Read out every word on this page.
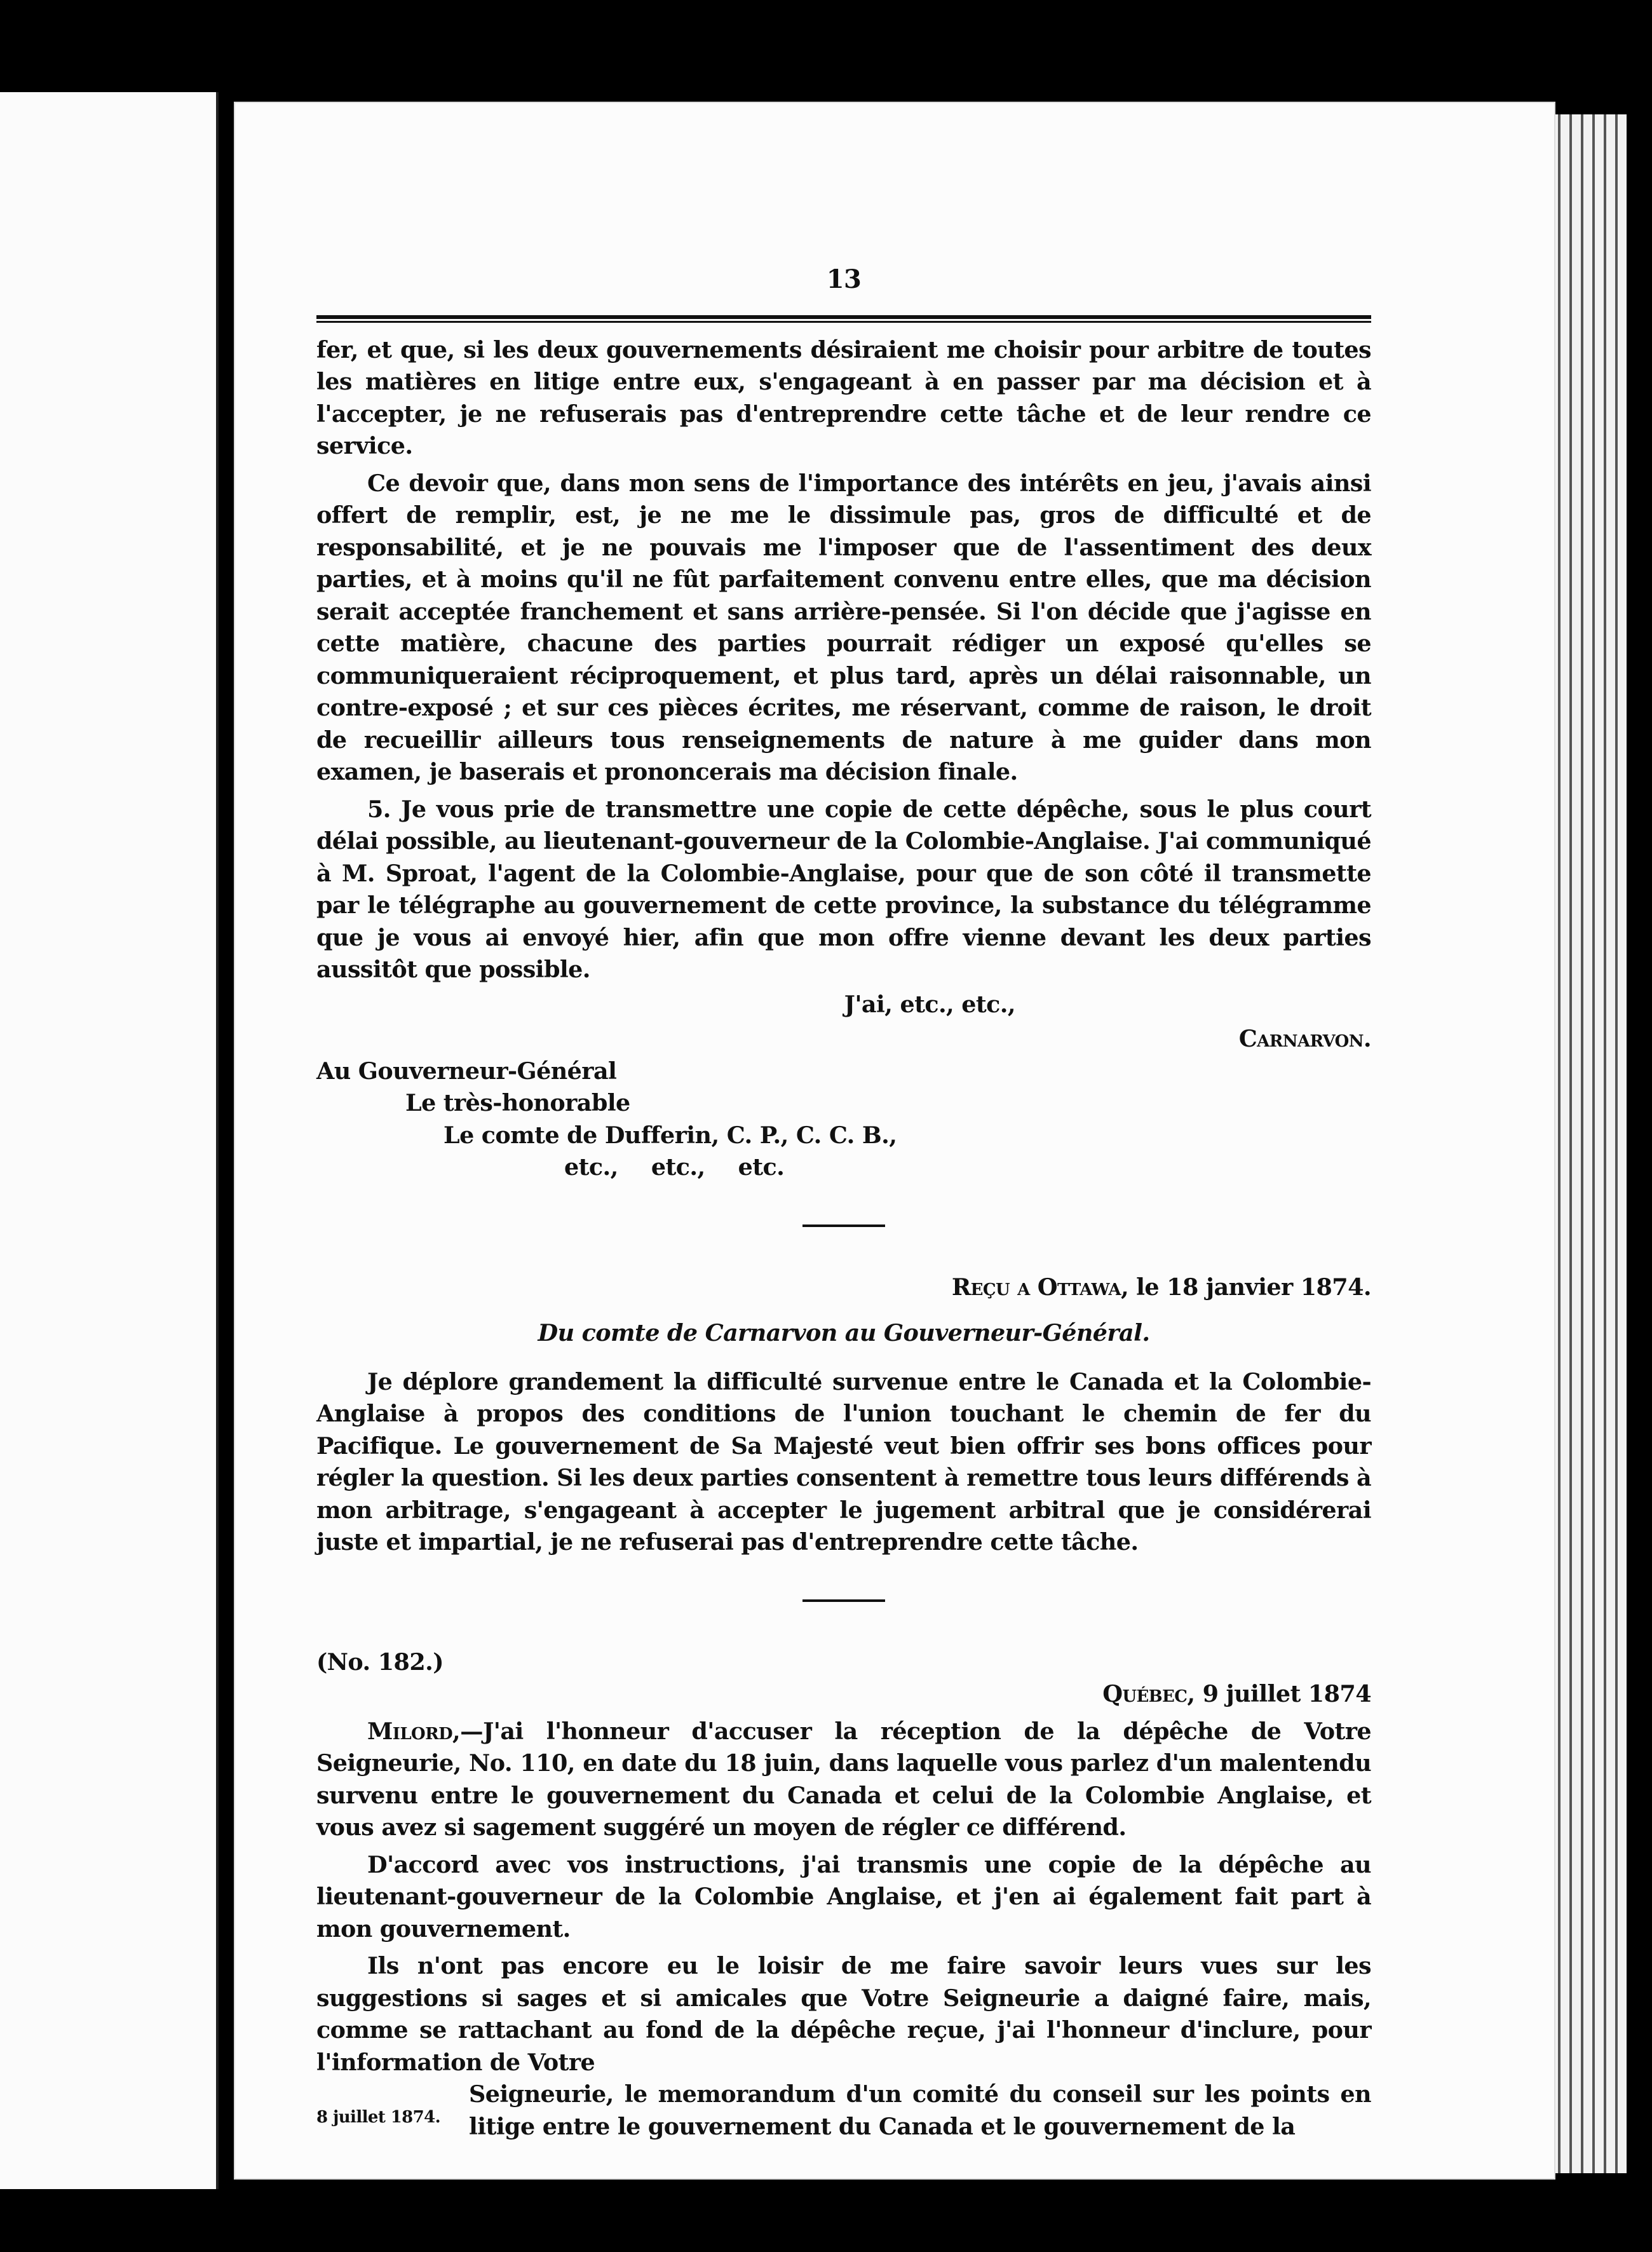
13

fer, et que, si les deux gouvernements désiraient me choisir pour arbitre de toutes les matières en litige entre eux, s'engageant à en passer par ma décision et à l'accepter, je ne refuserais pas d'entreprendre cette tâche et de leur rendre ce service.

Ce devoir que, dans mon sens de l'importance des intérêts en jeu, j'avais ainsi offert de remplir, est, je ne me le dissimule pas, gros de difficulté et de responsabilité, et je ne pouvais me l'imposer que de l'assentiment des deux parties, et à moins qu'il ne fût parfaitement convenu entre elles, que ma décision serait acceptée franchement et sans arrière-pensée. Si l'on décide que j'agisse en cette matière, chacune des parties pourrait rédiger un exposé qu'elles se communiqueraient réciproquement, et plus tard, après un délai raisonnable, un contre-exposé ; et sur ces pièces écrites, me réservant, comme de raison, le droit de recueillir ailleurs tous renseignements de nature à me guider dans mon examen, je baserais et prononcerais ma décision finale.

5. Je vous prie de transmettre une copie de cette dépêche, sous le plus court délai possible, au lieutenant-gouverneur de la Colombie-Anglaise. J'ai communiqué à M. Sproat, l'agent de la Colombie-Anglaise, pour que de son côté il transmette par le télégraphe au gouvernement de cette province, la substance du télégramme que je vous ai envoyé hier, afin que mon offre vienne devant les deux parties aussitôt que possible.

J'ai, etc., etc.,
Carnarvon.
Au Gouverneur-Général
Le très-honorable
Le comte de Dufferin, C. P., C. C. B.,
etc., etc., etc.
Reçu a Ottawa, le 18 janvier 1874.
Du comte de Carnarvon au Gouverneur-Général.

Je déplore grandement la difficulté survenue entre le Canada et la Colombie-Anglaise à propos des conditions de l'union touchant le chemin de fer du Pacifique. Le gouvernement de Sa Majesté veut bien offrir ses bons offices pour régler la question. Si les deux parties consentent à remettre tous leurs différends à mon arbitrage, s'engageant à accepter le jugement arbitral que je considérerai juste et impartial, je ne refuserai pas d'entreprendre cette tâche.

(No. 182.)
Québec, 9 juillet 1874

Milord,—J'ai l'honneur d'accuser la réception de la dépêche de Votre Seigneurie, No. 110, en date du 18 juin, dans laquelle vous parlez d'un malentendu survenu entre le gouvernement du Canada et celui de la Colombie Anglaise, et vous avez si sagement suggéré un moyen de régler ce différend.

D'accord avec vos instructions, j'ai transmis une copie de la dépêche au lieutenant-gouverneur de la Colombie Anglaise, et j'en ai également fait part à mon gouvernement.

Ils n'ont pas encore eu le loisir de me faire savoir leurs vues sur les suggestions si sages et si amicales que Votre Seigneurie a daigné faire, mais, comme se rattachant au fond de la dépêche reçue, j'ai l'honneur d'inclure, pour l'information de Votre

8 juillet 1874.

Seigneurie, le memorandum d'un comité du conseil sur les points en litige entre le gouvernement du Canada et le gouvernement de la
